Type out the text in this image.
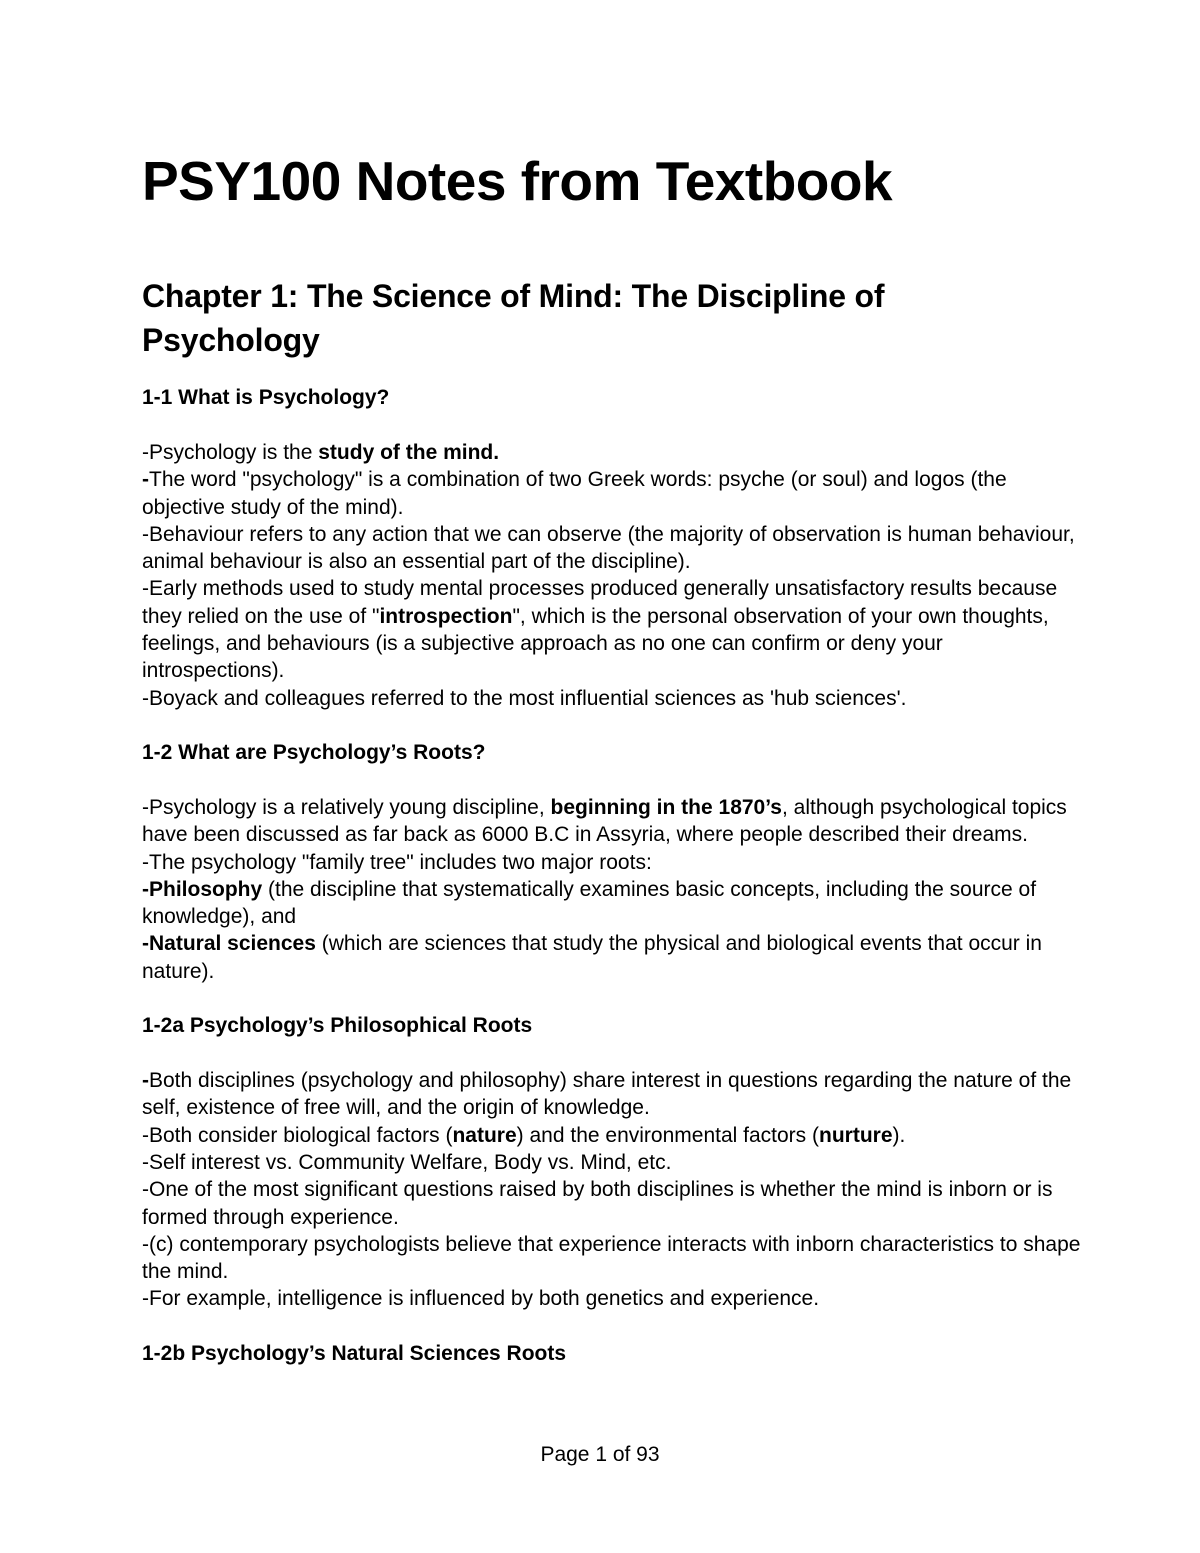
PSY100 Notes from Textbook
Chapter 1: The Science of Mind: The Discipline of Psychology
1-1 What is Psychology?
-Psychology is the study of the mind.
-The word "psychology" is a combination of two Greek words: psyche (or soul) and logos (the objective study of the mind).
-Behaviour refers to any action that we can observe (the majority of observation is human behaviour, animal behaviour is also an essential part of the discipline).
-Early methods used to study mental processes produced generally unsatisfactory results because they relied on the use of "introspection", which is the personal observation of your own thoughts, feelings, and behaviours (is a subjective approach as no one can confirm or deny your introspections).
-Boyack and colleagues referred to the most influential sciences as 'hub sciences'.
1-2 What are Psychology’s Roots?
-Psychology is a relatively young discipline, beginning in the 1870’s, although psychological topics have been discussed as far back as 6000 B.C in Assyria, where people described their dreams.
-The psychology "family tree" includes two major roots:
-Philosophy (the discipline that systematically examines basic concepts, including the source of knowledge), and
-Natural sciences (which are sciences that study the physical and biological events that occur in nature).
1-2a Psychology’s Philosophical Roots
-Both disciplines (psychology and philosophy) share interest in questions regarding the nature of the self, existence of free will, and the origin of knowledge.
-Both consider biological factors (nature) and the environmental factors (nurture).
-Self interest vs. Community Welfare, Body vs. Mind, etc.
-One of the most significant questions raised by both disciplines is whether the mind is inborn or is formed through experience.
-(c) contemporary psychologists believe that experience interacts with inborn characteristics to shape the mind.
-For example, intelligence is influenced by both genetics and experience.
1-2b Psychology’s Natural Sciences Roots
Page 1 of 93
